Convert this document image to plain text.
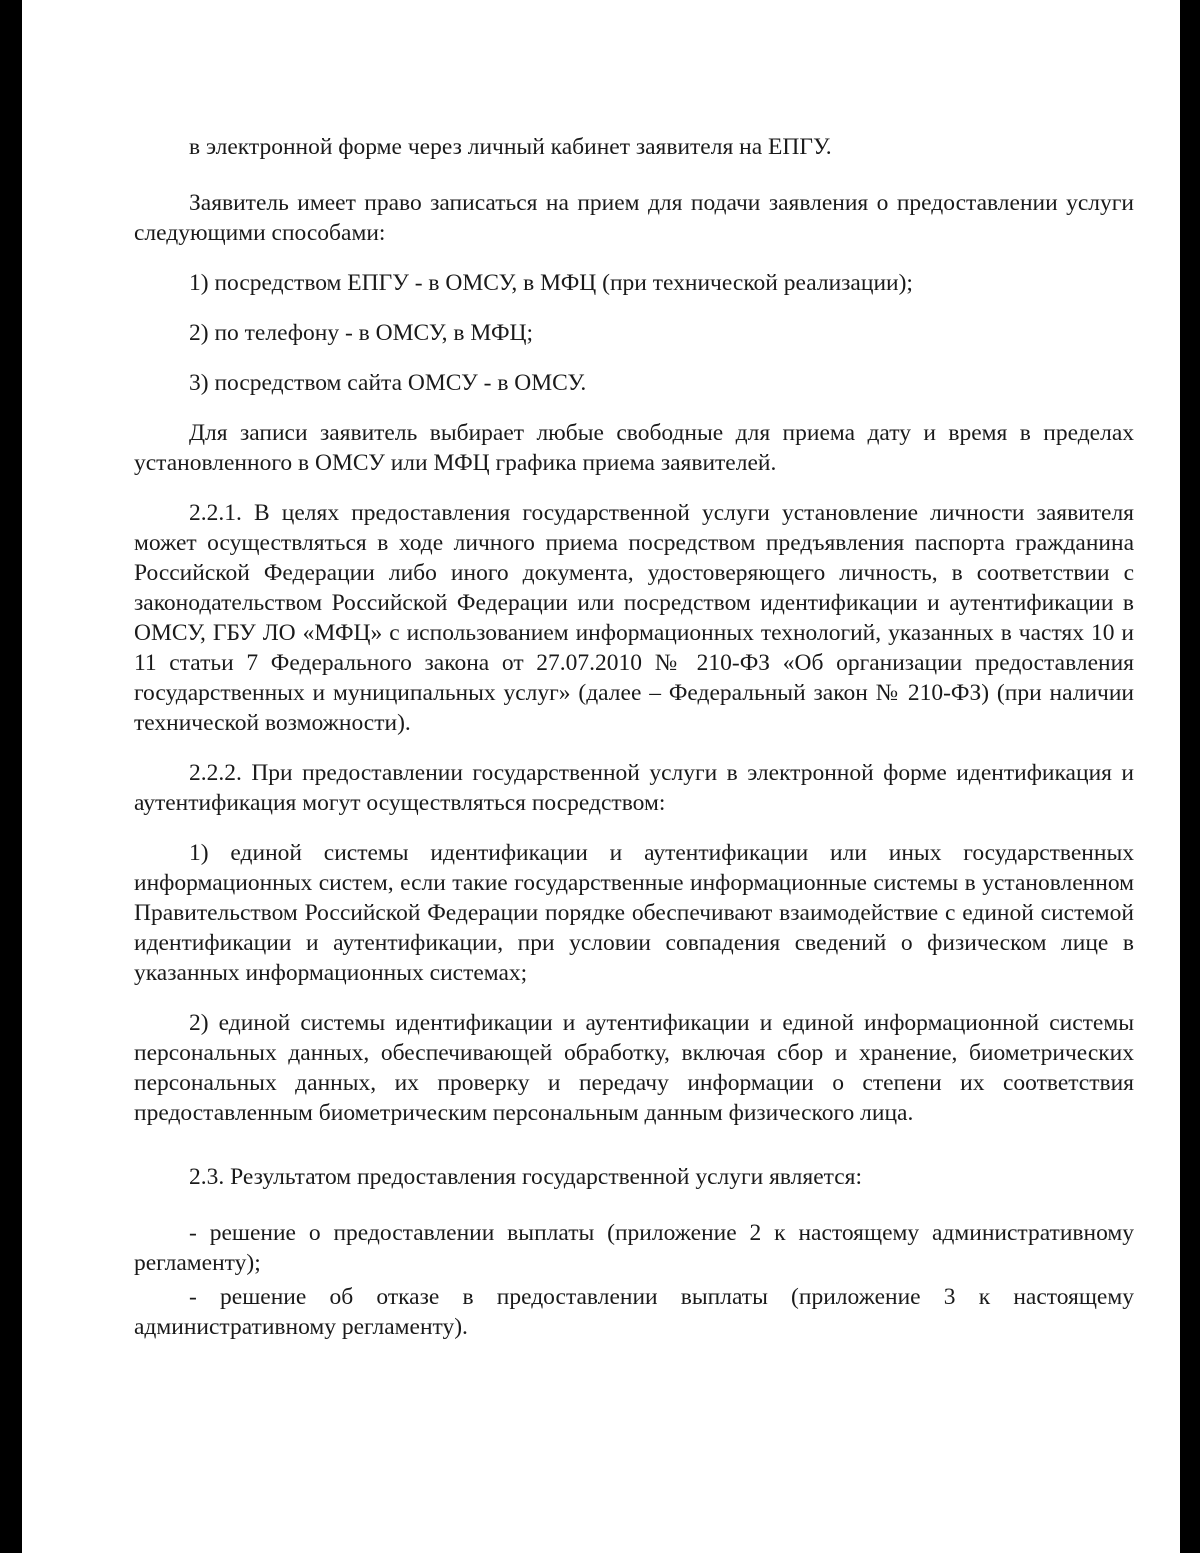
в электронной форме через личный кабинет заявителя на ЕПГУ.

Заявитель имеет право записаться на прием для подачи заявления о предоставлении услуги следующими способами:

1) посредством ЕПГУ - в ОМСУ, в МФЦ (при технической реализации);

2) по телефону - в ОМСУ, в МФЦ;

3) посредством сайта ОМСУ - в ОМСУ.

Для записи заявитель выбирает любые свободные для приема дату и время в пределах установленного в ОМСУ или МФЦ графика приема заявителей.

2.2.1. В целях предоставления государственной услуги установление личности заявителя может осуществляться в ходе личного приема посредством предъявления паспорта гражданина Российской Федерации либо иного документа, удостоверяющего личность, в соответствии с законодательством Российской Федерации или посредством идентификации и аутентификации в ОМСУ, ГБУ ЛО «МФЦ» с использованием информационных технологий, указанных в частях 10 и 11 статьи 7 Федерального закона от 27.07.2010 № 210-ФЗ «Об организации предоставления государственных и муниципальных услуг» (далее – Федеральный закон № 210-ФЗ) (при наличии технической возможности).

2.2.2. При предоставлении государственной услуги в электронной форме идентификация и аутентификация могут осуществляться посредством:

1) единой системы идентификации и аутентификации или иных государственных информационных систем, если такие государственные информационные системы в установленном Правительством Российской Федерации порядке обеспечивают взаимодействие с единой системой идентификации и аутентификации, при условии совпадения сведений о физическом лице в указанных информационных системах;

2) единой системы идентификации и аутентификации и единой информационной системы персональных данных, обеспечивающей обработку, включая сбор и хранение, биометрических персональных данных, их проверку и передачу информации о степени их соответствия предоставленным биометрическим персональным данным физического лица.

2.3. Результатом предоставления государственной услуги является:

- решение о предоставлении выплаты (приложение 2 к настоящему административному регламенту);

- решение об отказе в предоставлении выплаты (приложение 3 к настоящему административному регламенту).
